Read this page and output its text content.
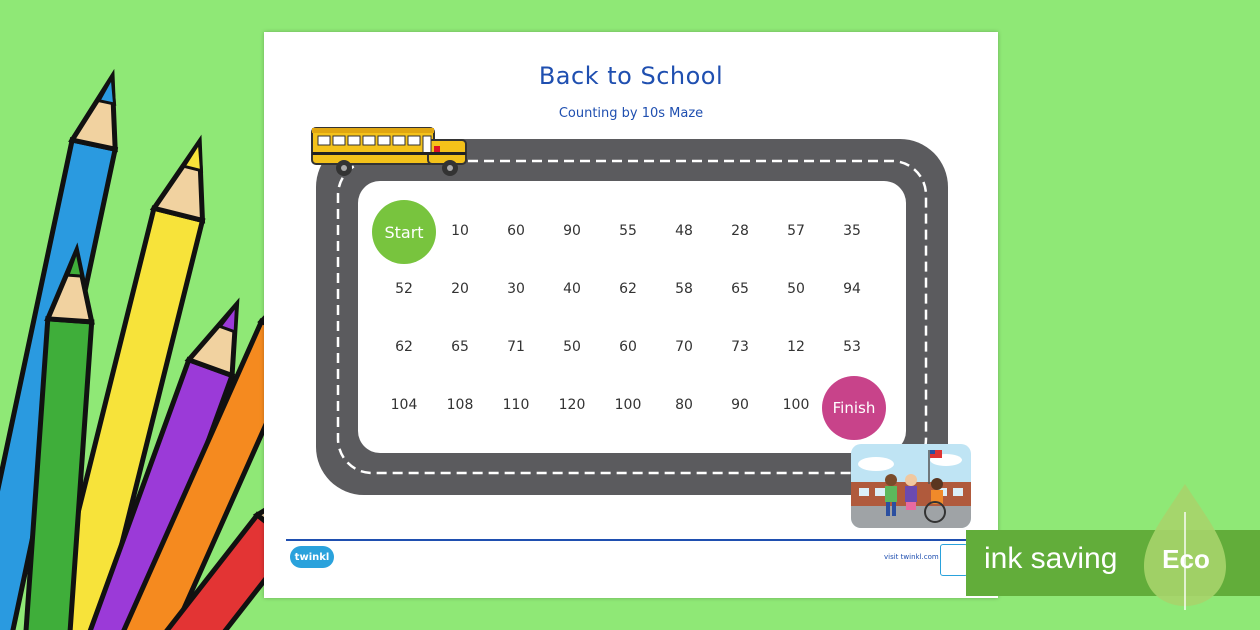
Back to School
Counting by 10s Maze
Start	10	60	90	55	48	28	57	35
52	20	30	40	62	58	65	50	94
62	65	71	50	60	70	73	12	53
104	108	110	120	100	80	90	100	Finish
twinkl	visit twinkl.com ink saving Eco
